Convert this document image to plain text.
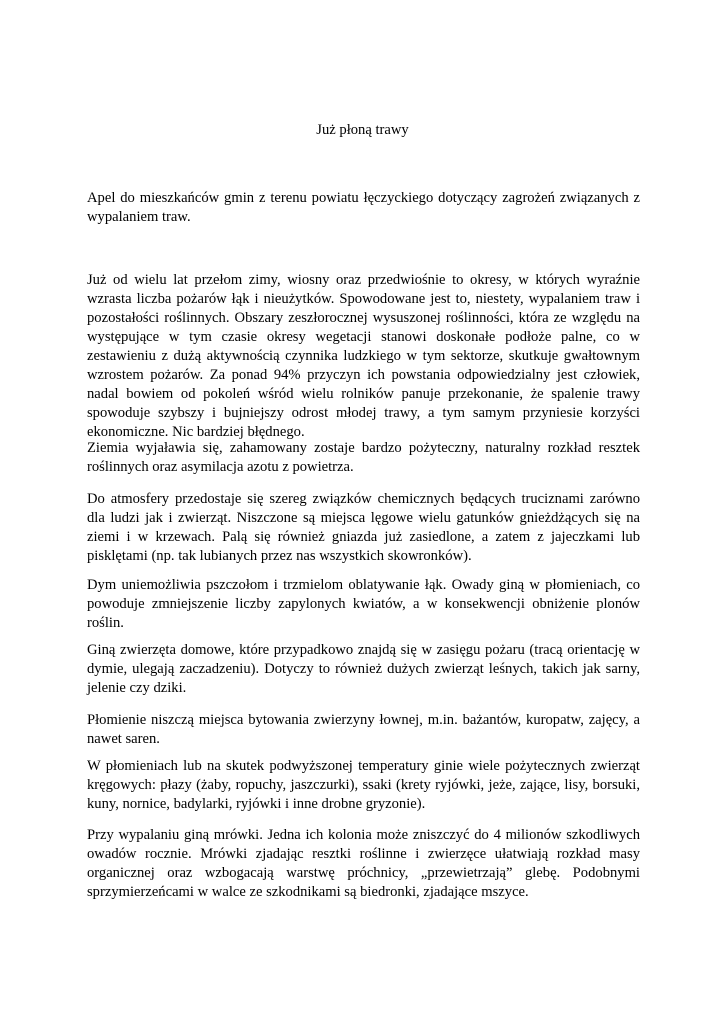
Już płoną trawy

Apel do mieszkańców gmin z terenu powiatu łęczyckiego dotyczący zagrożeń związanych z wypalaniem traw.

Już od wielu lat przełom zimy, wiosny oraz przedwiośnie to okresy, w których wyraźnie wzrasta liczba pożarów łąk i nieużytków. Spowodowane jest to, niestety, wypalaniem traw i pozostałości roślinnych. Obszary zeszłorocznej wysuszonej roślinności, która ze względu na występujące w tym czasie okresy wegetacji stanowi doskonałe podłoże palne, co w zestawieniu z dużą aktywnością czynnika ludzkiego w tym sektorze, skutkuje gwałtownym wzrostem pożarów. Za ponad 94% przyczyn ich powstania odpowiedzialny jest człowiek, nadal bowiem od pokoleń wśród wielu rolników panuje przekonanie, że spalenie trawy spowoduje szybszy i bujniejszy odrost młodej trawy, a tym samym przyniesie korzyści ekonomiczne. Nic bardziej błędnego.

Ziemia wyjaławia się, zahamowany zostaje bardzo pożyteczny, naturalny rozkład resztek roślinnych oraz asymilacja azotu z powietrza.

Do atmosfery przedostaje się szereg związków chemicznych będących truciznami zarówno dla ludzi jak i zwierząt. Niszczone są miejsca lęgowe wielu gatunków gnieżdżących się na ziemi i w krzewach. Palą się również gniazda już zasiedlone, a zatem z jajeczkami lub pisklętami (np. tak lubianych przez nas wszystkich skowronków).

Dym uniemożliwia pszczołom i trzmielom oblatywanie łąk. Owady giną w płomieniach, co powoduje zmniejszenie liczby zapylonych kwiatów, a w konsekwencji obniżenie plonów roślin.

Giną zwierzęta domowe, które przypadkowo znajdą się w zasięgu pożaru (tracą orientację w dymie, ulegają zaczadzeniu). Dotyczy to również dużych zwierząt leśnych, takich jak sarny, jelenie czy dziki.

Płomienie niszczą miejsca bytowania zwierzyny łownej, m.in. bażantów, kuropatw, zajęcy, a nawet saren.

W płomieniach lub na skutek podwyższonej temperatury ginie wiele pożytecznych zwierząt kręgowych: płazy (żaby, ropuchy, jaszczurki), ssaki (krety ryjówki, jeże, zające, lisy, borsuki, kuny, nornice, badylarki, ryjówki i inne drobne gryzonie).

Przy wypalaniu giną mrówki. Jedna ich kolonia może zniszczyć do 4 milionów szkodliwych owadów rocznie. Mrówki zjadając resztki roślinne i zwierzęce ułatwiają rozkład masy organicznej oraz wzbogacają warstwę próchnicy, „przewietrzają” glebę. Podobnymi sprzymierzeńcami w walce ze szkodnikami są biedronki, zjadające mszyce.
